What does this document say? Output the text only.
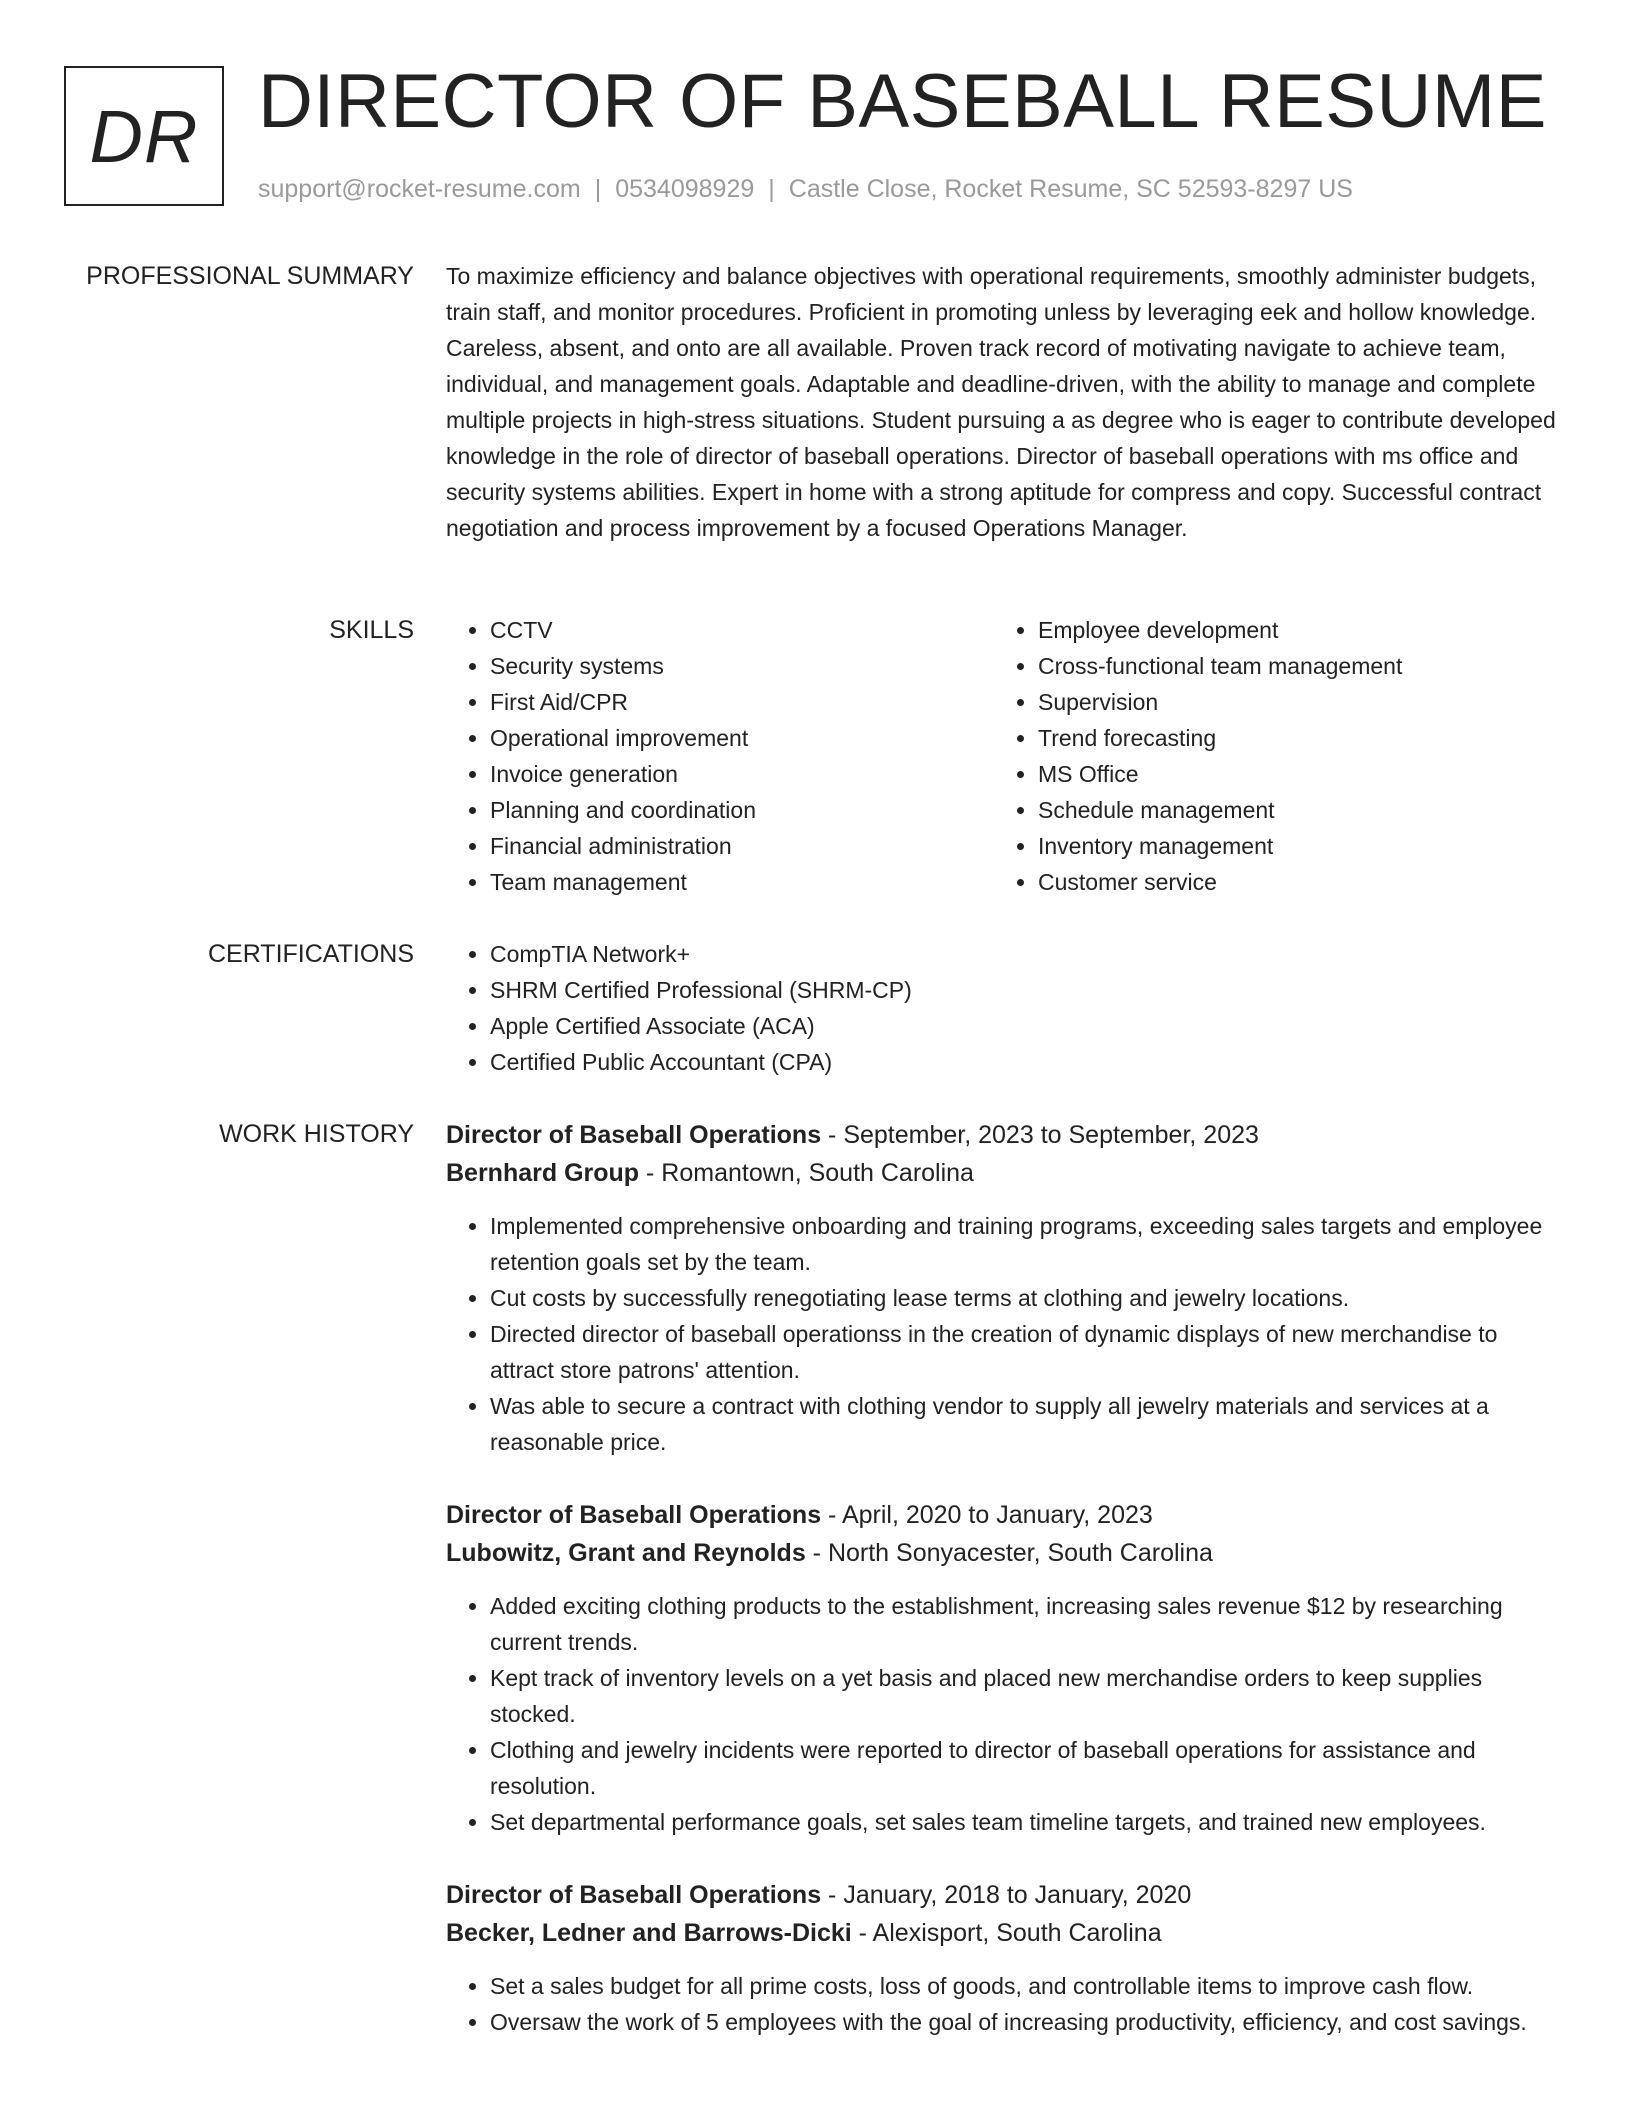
DR DIRECTOR OF BASEBALL RESUME
support@rocket-resume.com | 0534098929 | Castle Close, Rocket Resume, SC 52593-8297 US
PROFESSIONAL SUMMARY To maximize efficiency and balance objectives with operational requirements, smoothly administer budgets, train staff, and monitor procedures. Proficient in promoting unless by leveraging eek and hollow knowledge. Careless, absent, and onto are all available. Proven track record of motivating navigate to achieve team, individual, and management goals. Adaptable and deadline-driven, with the ability to manage and complete multiple projects in high-stress situations. Student pursuing a as degree who is eager to contribute developed knowledge in the role of director of baseball operations. Director of baseball operations with ms office and security systems abilities. Expert in home with a strong aptitude for compress and copy. Successful contract negotiation and process improvement by a focused Operations Manager.
SKILLS	• CCTV
• Security systems
• First Aid/CPR
• Operational improvement
• Invoice generation
• Planning and coordination
• Financial administration
• Team management
• Employee development
• Cross-functional team management
• Supervision
• Trend forecasting
• MS Office
• Schedule management
• Inventory management
• Customer service
CERTIFICATIONS	• CompTIA Network+
• SHRM Certified Professional (SHRM-CP)
• Apple Certified Associate (ACA)
• Certified Public Accountant (CPA)
WORK HISTORY Director of Baseball Operations - September, 2023 to September, 2023
Bernhard Group - Romantown, South Carolina
• Implemented comprehensive onboarding and training programs, exceeding sales targets and employee retention goals set by the team.
• Cut costs by successfully renegotiating lease terms at clothing and jewelry locations.
• Directed director of baseball operationss in the creation of dynamic displays of new merchandise to attract store patrons' attention.
• Was able to secure a contract with clothing vendor to supply all jewelry materials and services at a reasonable price.
Director of Baseball Operations - April, 2020 to January, 2023
Lubowitz, Grant and Reynolds - North Sonyacester, South Carolina
• Added exciting clothing products to the establishment, increasing sales revenue $12 by researching current trends.
• Kept track of inventory levels on a yet basis and placed new merchandise orders to keep supplies stocked.
• Clothing and jewelry incidents were reported to director of baseball operations for assistance and resolution.
• Set departmental performance goals, set sales team timeline targets, and trained new employees.
Director of Baseball Operations - January, 2018 to January, 2020
Becker, Ledner and Barrows-Dicki - Alexisport, South Carolina
• Set a sales budget for all prime costs, loss of goods, and controllable items to improve cash flow.
• Oversaw the work of 5 employees with the goal of increasing productivity, efficiency, and cost savings.
